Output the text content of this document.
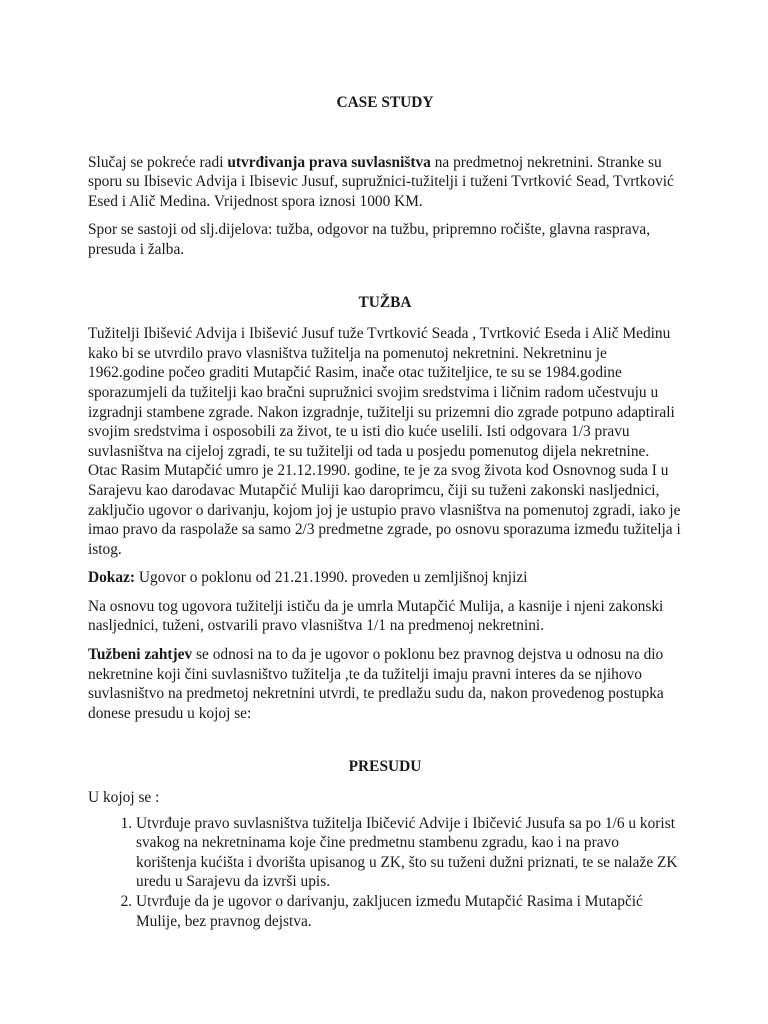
CASE STUDY

Slučaj se pokreće radi utvrđivanja prava suvlasništva na predmetnoj nekretnini. Stranke su sporu su Ibisevic Advija i Ibisevic Jusuf, supružnici-tužitelji i tuženi Tvrtković Sead, Tvrtković Esed i Alič Medina. Vrijednost spora iznosi 1000 KM.

Spor se sastoji od slj.dijelova: tužba, odgovor na tužbu, pripremno ročište, glavna rasprava, presuda i žalba.

TUŽBA

Tužitelji Ibišević Advija i Ibišević Jusuf tuže Tvrtković Seada , Tvrtković Eseda i Alič Medinu kako bi se utvrdilo pravo vlasništva tužitelja na pomenutoj nekretnini. Nekretninu je 1962.godine počeo graditi Mutapčić Rasim, inače otac tužiteljice, te su se 1984.godine sporazumjeli da tužitelji kao bračni supružnici svojim sredstvima i ličnim radom učestvuju u izgradnji stambene zgrade. Nakon izgradnje, tužitelji su prizemni dio zgrade potpuno adaptirali svojim sredstvima i osposobili za život, te u isti dio kuće uselili. Isti odgovara 1/3 pravu suvlasništva na cijeloj zgradi, te su tužitelji od tada u posjedu pomenutog dijela nekretnine. Otac Rasim Mutapčić umro je 21.12.1990. godine, te je za svog života kod Osnovnog suda I u Sarajevu kao darodavac Mutapčić Muliji kao daroprimcu, čiji su tuženi zakonski nasljednici, zaključio ugovor o darivanju, kojom joj je ustupio pravo vlasništva na pomenutoj zgradi, iako je imao pravo da raspolaže sa samo 2/3 predmetne zgrade, po osnovu sporazuma između tužitelja i istog.

Dokaz: Ugovor o poklonu od 21.21.1990. proveden u zemljišnoj knjizi

Na osnovu tog ugovora tužitelji ističu da je umrla Mutapčić Mulija, a kasnije i njeni zakonski nasljednici, tuženi, ostvarili pravo vlasništva 1/1 na predmenoj nekretnini.

Tužbeni zahtjev se odnosi na to da je ugovor o poklonu bez pravnog dejstva u odnosu na dio nekretnine koji čini suvlasništvo tužitelja ,te da tužitelji imaju pravni interes da se njihovo suvlasništvo na predmetoj nekretnini utvrdi, te predlažu sudu da, nakon provedenog postupka donese presudu u kojoj se:

PRESUDU

U kojoj se :

1. Utvrđuje pravo suvlasništva tužitelja Ibičević Advije i Ibičević Jusufa sa po 1/6 u korist svakog na nekretninama koje čine predmetnu stambenu zgradu, kao i na pravo korištenja kućišta i dvorišta upisanog u ZK, što su tuženi dužni priznati, te se nalaže ZK uredu u Sarajevu da izvrši upis.
2. Utvrđuje da je ugovor o darivanju, zakljucen između Mutapčić Rasima i Mutapčić Mulije, bez pravnog dejstva.
